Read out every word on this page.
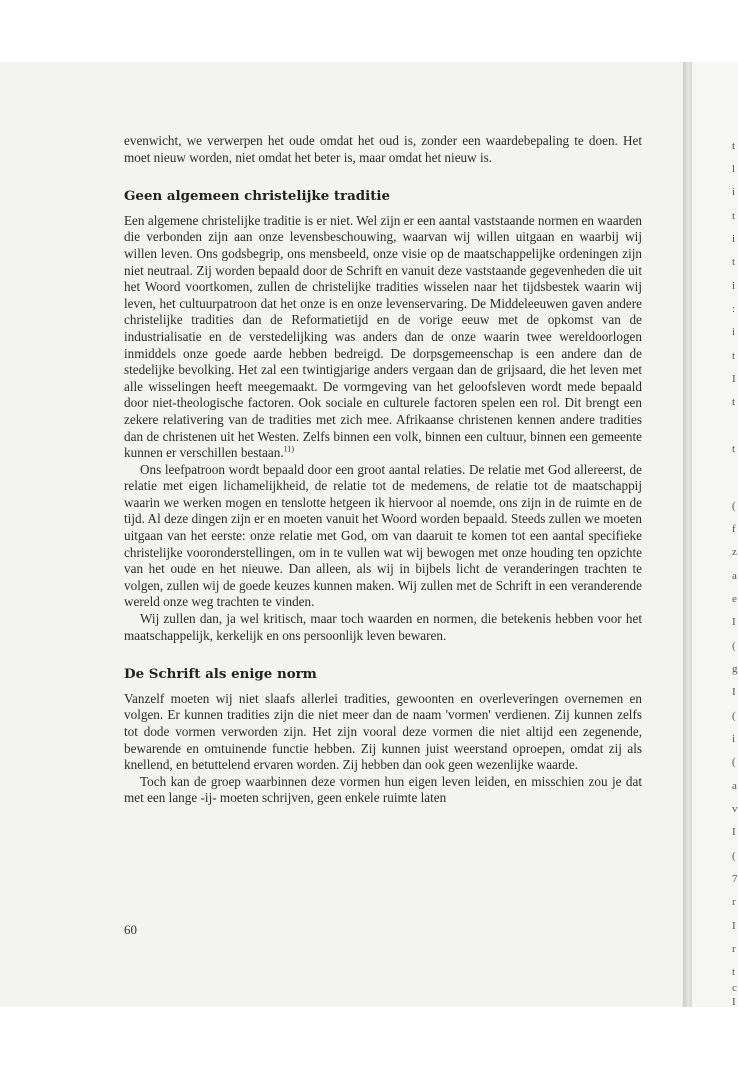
t
l
i
t
i
t
i
:
i
t
I
t
t
(
f
z
a
e
I
(
g
I
(
i
(
a
v
I
(
7
r
I
r
t
c
I

evenwicht, we verwerpen het oude omdat het oud is, zonder een waardebepaling te doen. Het moet nieuw worden, niet omdat het beter is, maar omdat het nieuw is.

Geen algemeen christelijke traditie

Een algemene christelijke traditie is er niet. Wel zijn er een aantal vaststaande normen en waarden die verbonden zijn aan onze levensbeschouwing, waarvan wij willen uitgaan en waarbij wij willen leven. Ons godsbegrip, ons mensbeeld, onze visie op de maatschappelijke ordeningen zijn niet neutraal. Zij worden bepaald door de Schrift en vanuit deze vaststaande gegevenheden die uit het Woord voortkomen, zullen de christelijke tradities wisselen naar het tijdsbestek waarin wij leven, het cultuurpatroon dat het onze is en onze levenservaring. De Middeleeuwen gaven andere christelijke tradities dan de Reformatietijd en de vorige eeuw met de opkomst van de industrialisatie en de verstedelijking was anders dan de onze waarin twee wereldoorlogen inmiddels onze goede aarde hebben bedreigd. De dorpsgemeenschap is een andere dan de stedelijke bevolking. Het zal een twintigjarige anders vergaan dan de grijsaard, die het leven met alle wisselingen heeft meegemaakt. De vormgeving van het geloofsleven wordt mede bepaald door niet-theologische factoren. Ook sociale en culturele factoren spelen een rol. Dit brengt een zekere relativering van de tradities met zich mee. Afrikaanse christenen kennen andere tradities dan de christenen uit het Westen. Zelfs binnen een volk, binnen een cultuur, binnen een gemeente kunnen er verschillen bestaan.$^{11)}$

Ons leefpatroon wordt bepaald door een groot aantal relaties. De relatie met God allereerst, de relatie met eigen lichamelijkheid, de relatie tot de medemens, de relatie tot de maatschappij waarin we werken mogen en tenslotte hetgeen ik hiervoor al noemde, ons zijn in de ruimte en de tijd. Al deze dingen zijn er en moeten vanuit het Woord worden bepaald. Steeds zullen we moeten uitgaan van het eerste: onze relatie met God, om van daaruit te komen tot een aantal specifieke christelijke vooronderstellingen, om in te vullen wat wij bewogen met onze houding ten opzichte van het oude en het nieuwe. Dan alleen, als wij in bijbels licht de veranderingen trachten te volgen, zullen wij de goede keuzes kunnen maken. Wij zullen met de Schrift in een veranderende wereld onze weg trachten te vinden.

Wij zullen dan, ja wel kritisch, maar toch waarden en normen, die betekenis hebben voor het maatschappelijk, kerkelijk en ons persoonlijk leven bewaren.

De Schrift als enige norm

Vanzelf moeten wij niet slaafs allerlei tradities, gewoonten en overleveringen overnemen en volgen. Er kunnen tradities zijn die niet meer dan de naam 'vormen' verdienen. Zij kunnen zelfs tot dode vormen verworden zijn. Het zijn vooral deze vormen die niet altijd een zegenende, bewarende en omtuinende functie hebben. Zij kunnen juist weerstand oproepen, omdat zij als knellend, en betuttelend ervaren worden. Zij hebben dan ook geen wezenlijke waarde.

Toch kan de groep waarbinnen deze vormen hun eigen leven leiden, en misschien zou je dat met een lange -ij- moeten schrijven, geen enkele ruimte laten

60
